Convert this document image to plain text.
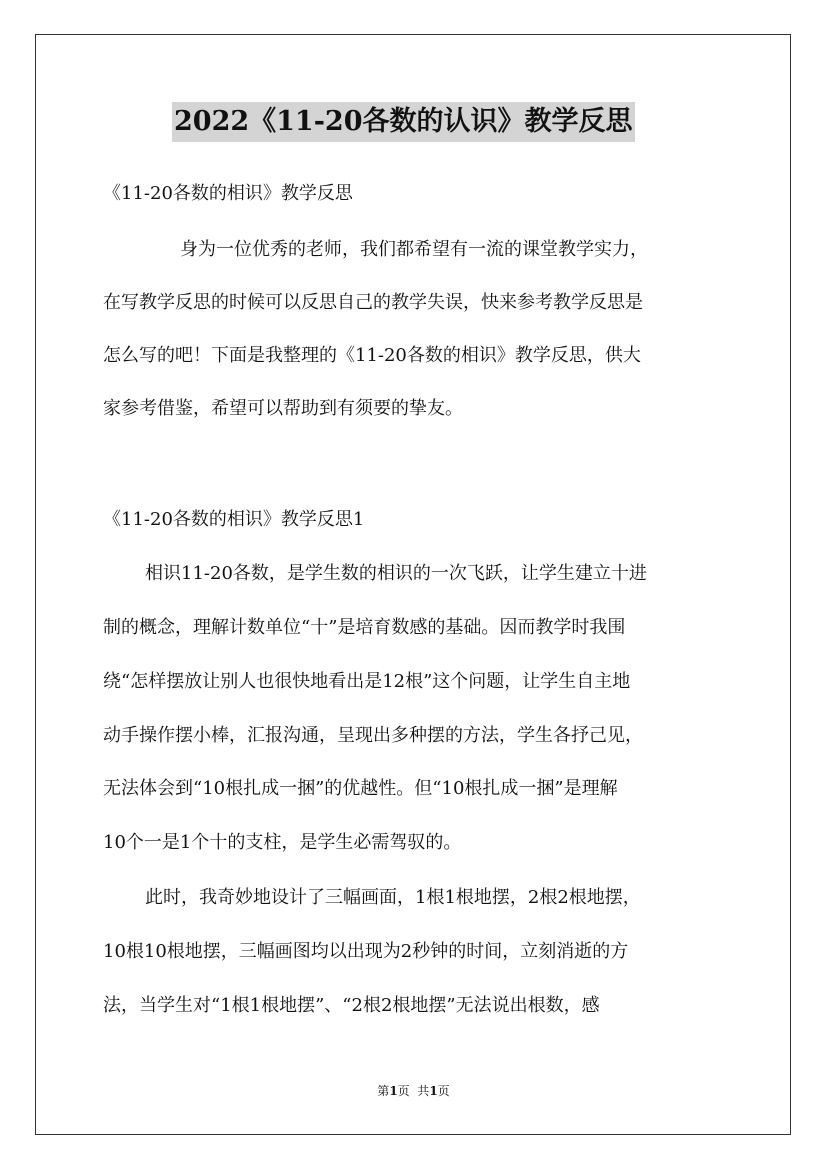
2022《11-20各数的认识》教学反思
《11-20各数的相识》教学反思
身为一位优秀的老师，我们都希望有一流的课堂教学实力，
在写教学反思的时候可以反思自己的教学失误，快来参考教学反思是
怎么写的吧！下面是我整理的《11-20各数的相识》教学反思，供大
家参考借鉴，希望可以帮助到有须要的挚友。
《11-20各数的相识》教学反思1
相识11-20各数，是学生数的相识的一次飞跃，让学生建立十进
制的概念，理解计数单位“十”是培育数感的基础。因而教学时我围
绕“怎样摆放让别人也很快地看出是12根”这个问题，让学生自主地
动手操作摆小棒，汇报沟通，呈现出多种摆的方法，学生各抒己见，
无法体会到“10根扎成一捆”的优越性。但“10根扎成一捆”是理解
10个一是1个十的支柱，是学生必需驾驭的。
此时，我奇妙地设计了三幅画面，1根1根地摆，2根2根地摆，
10根10根地摆，三幅画图均以出现为2秒钟的时间，立刻消逝的方
法，当学生对“1根1根地摆”、“2根2根地摆”无法说出根数，感
第1页  共1页
